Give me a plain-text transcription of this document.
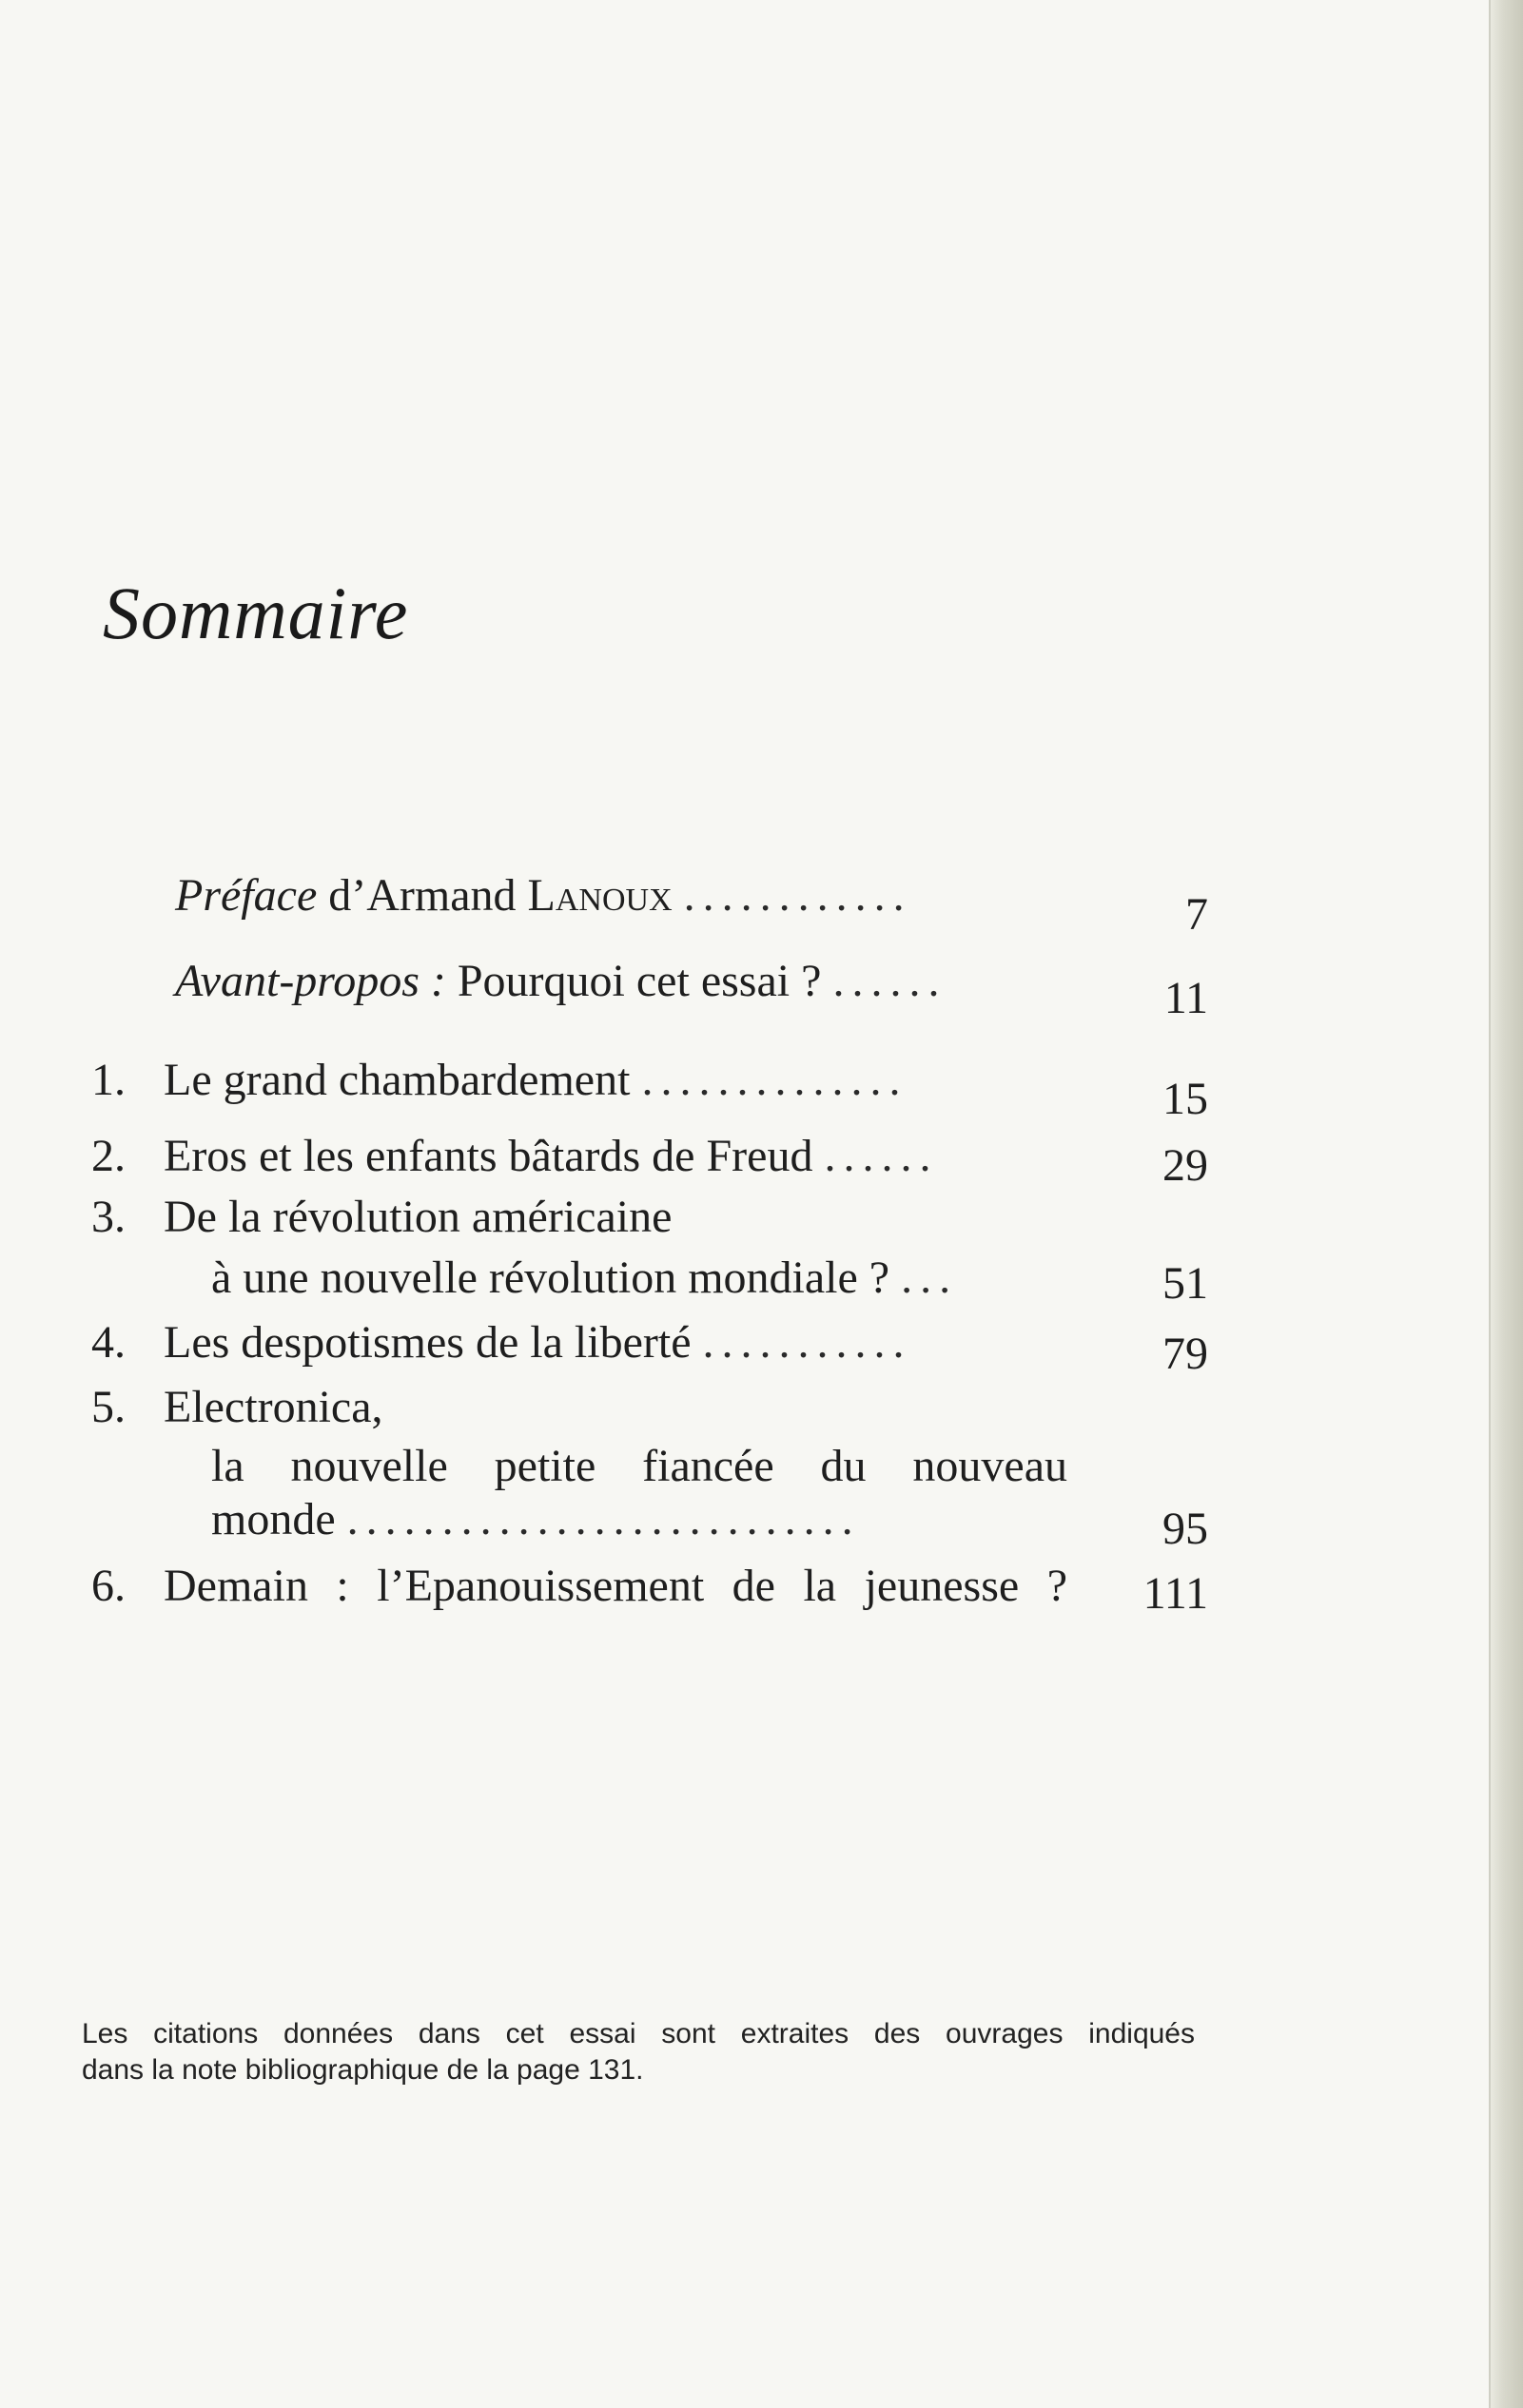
Sommaire
Préface d’Armand Lanoux ............	7
Avant-propos : Pourquoi cet essai ? ......	11
1. Le grand chambardement ..............	15
2. Eros et les enfants bâtards de Freud ......	29
3. De la révolution américaine
à une nouvelle révolution mondiale ? ...	51
4. Les despotismes de la liberté ...........	79
5. Electronica,
la nouvelle petite fiancée du nouveau
monde ...........................	95
6. Demain : l’Epanouissement de la jeunesse ?	111
Les citations données dans cet essai sont extraites des ouvrages indiqués
dans la note bibliographique de la page 131.
